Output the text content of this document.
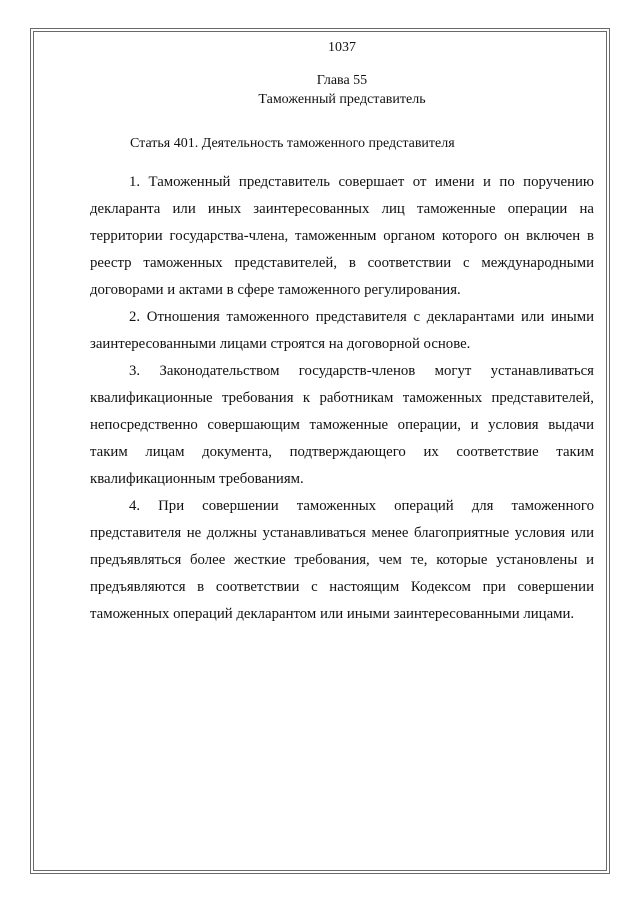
1037
Глава 55
Таможенный представитель
Статья 401. Деятельность таможенного представителя

1. Таможенный представитель совершает от имени и по поручению декларанта или иных заинтересованных лиц таможенные операции на территории государства-члена, таможенным органом которого он включен в реестр таможенных представителей, в соответствии с международными договорами и актами в сфере таможенного регулирования.

2. Отношения таможенного представителя с декларантами или иными заинтересованными лицами строятся на договорной основе.

3. Законодательством государств-членов могут устанавливаться квалификационные требования к работникам таможенных представителей, непосредственно совершающим таможенные операции, и условия выдачи таким лицам документа, подтверждающего их соответствие таким квалификационным требованиям.

4. При совершении таможенных операций для таможенного представителя не должны устанавливаться менее благоприятные условия или предъявляться более жесткие требования, чем те, которые установлены и предъявляются в соответствии с настоящим Кодексом при совершении таможенных операций декларантом или иными заинтересованными лицами.
